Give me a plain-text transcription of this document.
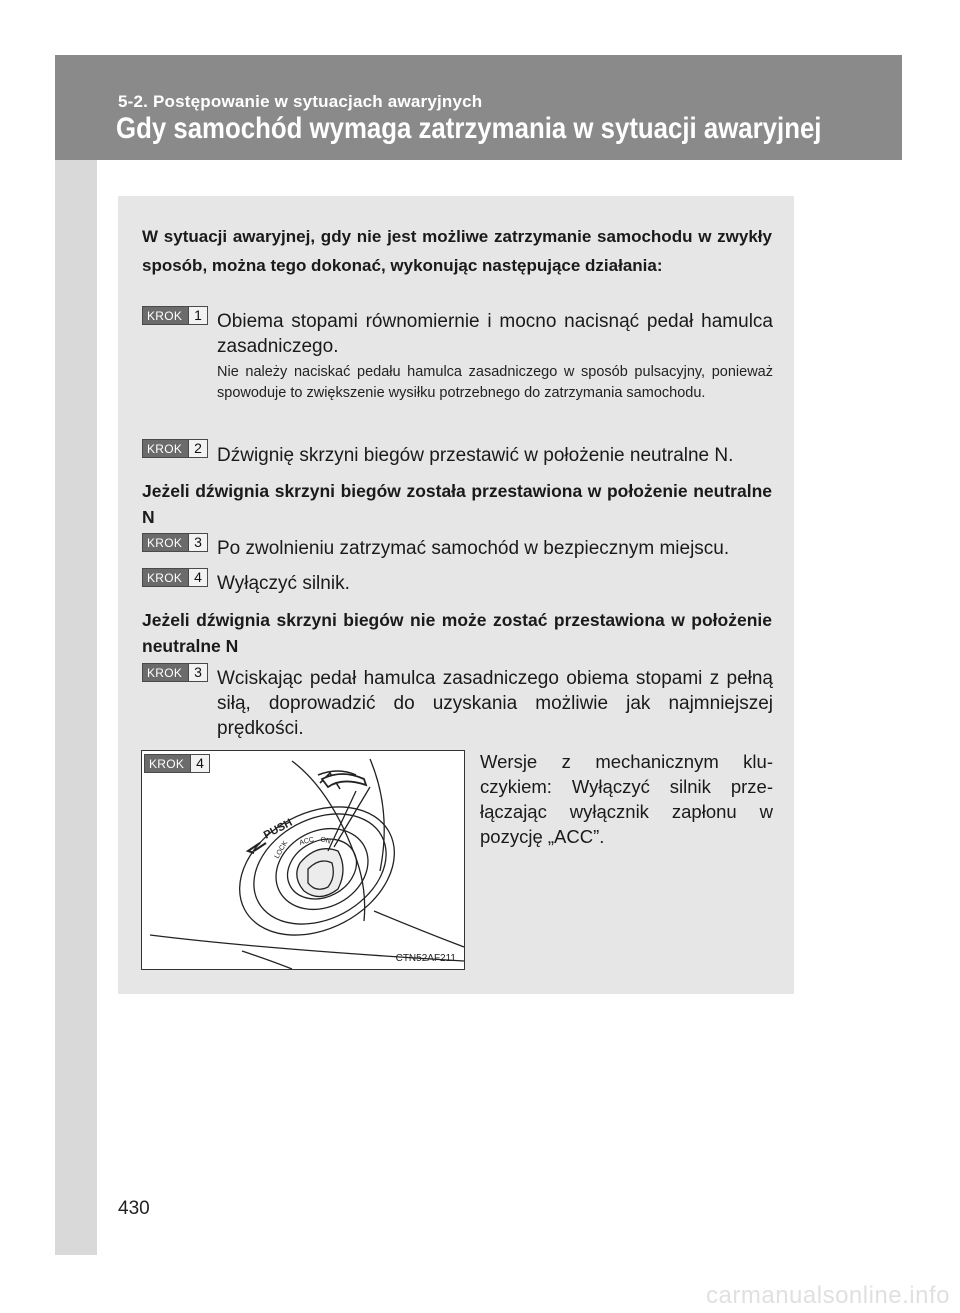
5-2. Postępowanie w sytuacjach awaryjnych
Gdy samochód wymaga zatrzymania w sytuacji awaryjnej
W sytuacji awaryjnej, gdy nie jest możliwe zatrzymanie samochodu w zwykły sposób, można tego dokonać, wykonując następujące działania:
KROK 1 Obiema stopami równomiernie i mocno nacisnąć pedał hamulca zasadniczego.
Nie należy naciskać pedału hamulca zasadniczego w sposób pulsacyjny, ponieważ spowoduje to zwiększenie wysiłku potrzebnego do zatrzymania samochodu.
KROK 2 Dźwignię skrzyni biegów przestawić w położenie neutralne N.
Jeżeli dźwignia skrzyni biegów została przestawiona w położenie neutralne N
KROK 3 Po zwolnieniu zatrzymać samochód w bezpiecznym miejscu.
KROK 4 Wyłączyć silnik.
Jeżeli dźwignia skrzyni biegów nie może zostać przestawiona w położenie neutralne N
KROK 3 Wciskając pedał hamulca zasadniczego obiema stopami z pełną siłą, doprowadzić do uzyskania możliwie jak najmniejszej prędkości.
KROK 4
PUSH
LOCK ACC ON
CTN52AF211
Wersje z mechanicznym kluczykiem: Wyłączyć silnik przełączając wyłącznik zapłonu w pozycję „ACC”.
430
carmanualsonline.info
